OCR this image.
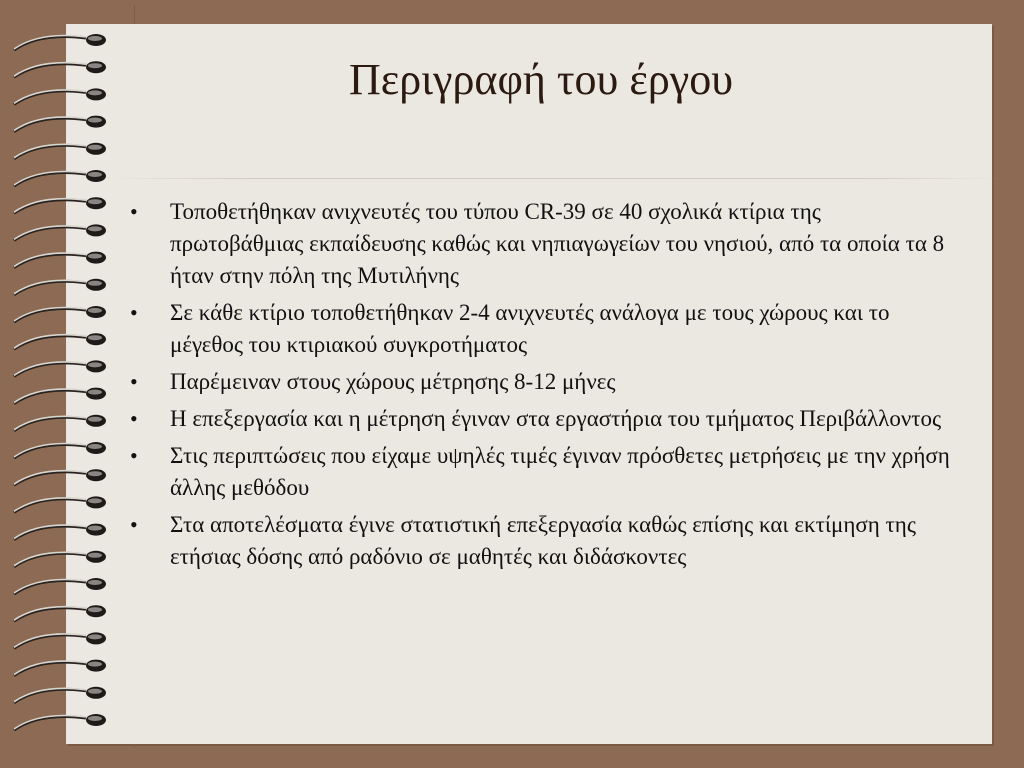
Περιγραφή του έργου
• Τοποθετήθηκαν ανιχνευτές του τύπου CR-39 σε 40 σχολικά κτίρια της πρωτοβάθμιας εκπαίδευσης καθώς και νηπιαγωγείων του νησιού, από τα οποία τα 8 ήταν στην πόλη της Μυτιλήνης
• Σε κάθε κτίριο τοποθετήθηκαν 2-4 ανιχνευτές ανάλογα με τους χώρους και το μέγεθος του κτιριακού συγκροτήματος
• Παρέμειναν στους χώρους μέτρησης 8-12 μήνες
• Η επεξεργασία και η μέτρηση έγιναν στα εργαστήρια του τμήματος Περιβάλλοντος
• Στις περιπτώσεις που είχαμε υψηλές τιμές έγιναν πρόσθετες μετρήσεις με την χρήση άλλης μεθόδου
• Στα αποτελέσματα έγινε στατιστική επεξεργασία καθώς επίσης και εκτίμηση της ετήσιας δόσης από ραδόνιο σε μαθητές και διδάσκοντες
